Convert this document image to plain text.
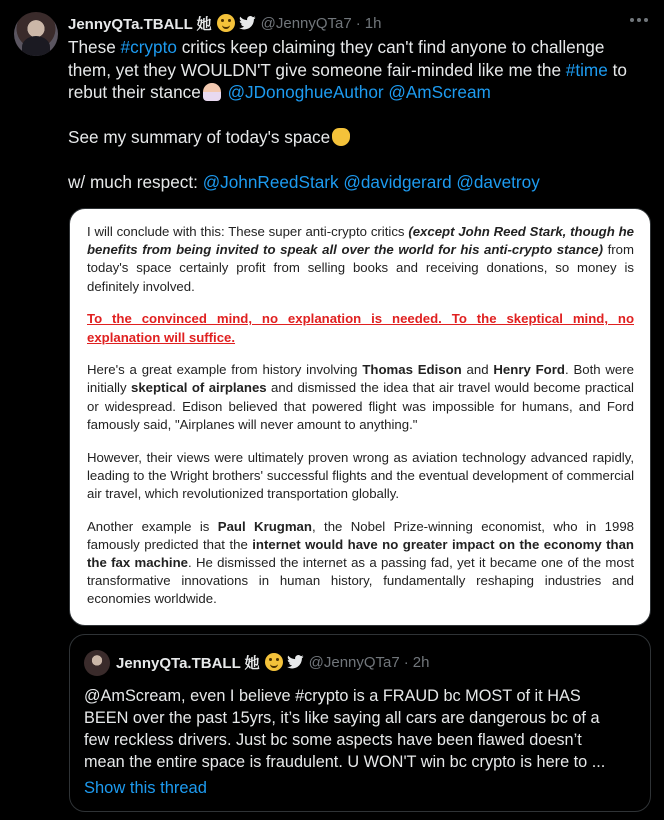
JennyQTa.TBALL 她	@JennyQTa7 · 1h
These #crypto critics keep claiming they can't find anyone to challenge
them, yet they WOULDN'T give someone fair-minded like me the #time to
rebut their stance @JDonoghueAuthor @AmScream
See my summary of today's space
w/ much respect: @JohnReedStark @davidgerard @davetroy

I will conclude with this: These super anti-crypto critics (except John Reed Stark, though he benefits from being invited to speak all over the world for his anti-crypto stance) from today's space certainly profit from selling books and receiving donations, so money is definitely involved.

To the convinced mind, no explanation is needed. To the skeptical mind, no explanation will suffice.

Here's a great example from history involving Thomas Edison and Henry Ford. Both were initially skeptical of airplanes and dismissed the idea that air travel would become practical or widespread. Edison believed that powered flight was impossible for humans, and Ford famously said, "Airplanes will never amount to anything."

However, their views were ultimately proven wrong as aviation technology advanced rapidly, leading to the Wright brothers' successful flights and the eventual development of commercial air travel, which revolutionized transportation globally.

Another example is Paul Krugman, the Nobel Prize-winning economist, who in 1998 famously predicted that the internet would have no greater impact on the economy than the fax machine. He dismissed the internet as a passing fad, yet it became one of the most transformative innovations in human history, fundamentally reshaping industries and economies worldwide.

JennyQTa.TBALL 她	@JennyQTa7 · 2h
@AmScream, even I believe #crypto is a FRAUD bc MOST of it HAS
BEEN over the past 15yrs, it’s like saying all cars are dangerous bc of a
few reckless drivers. Just bc some aspects have been flawed doesn’t
mean the entire space is fraudulent. U WON'T win bc crypto is here to ...
Show this thread
